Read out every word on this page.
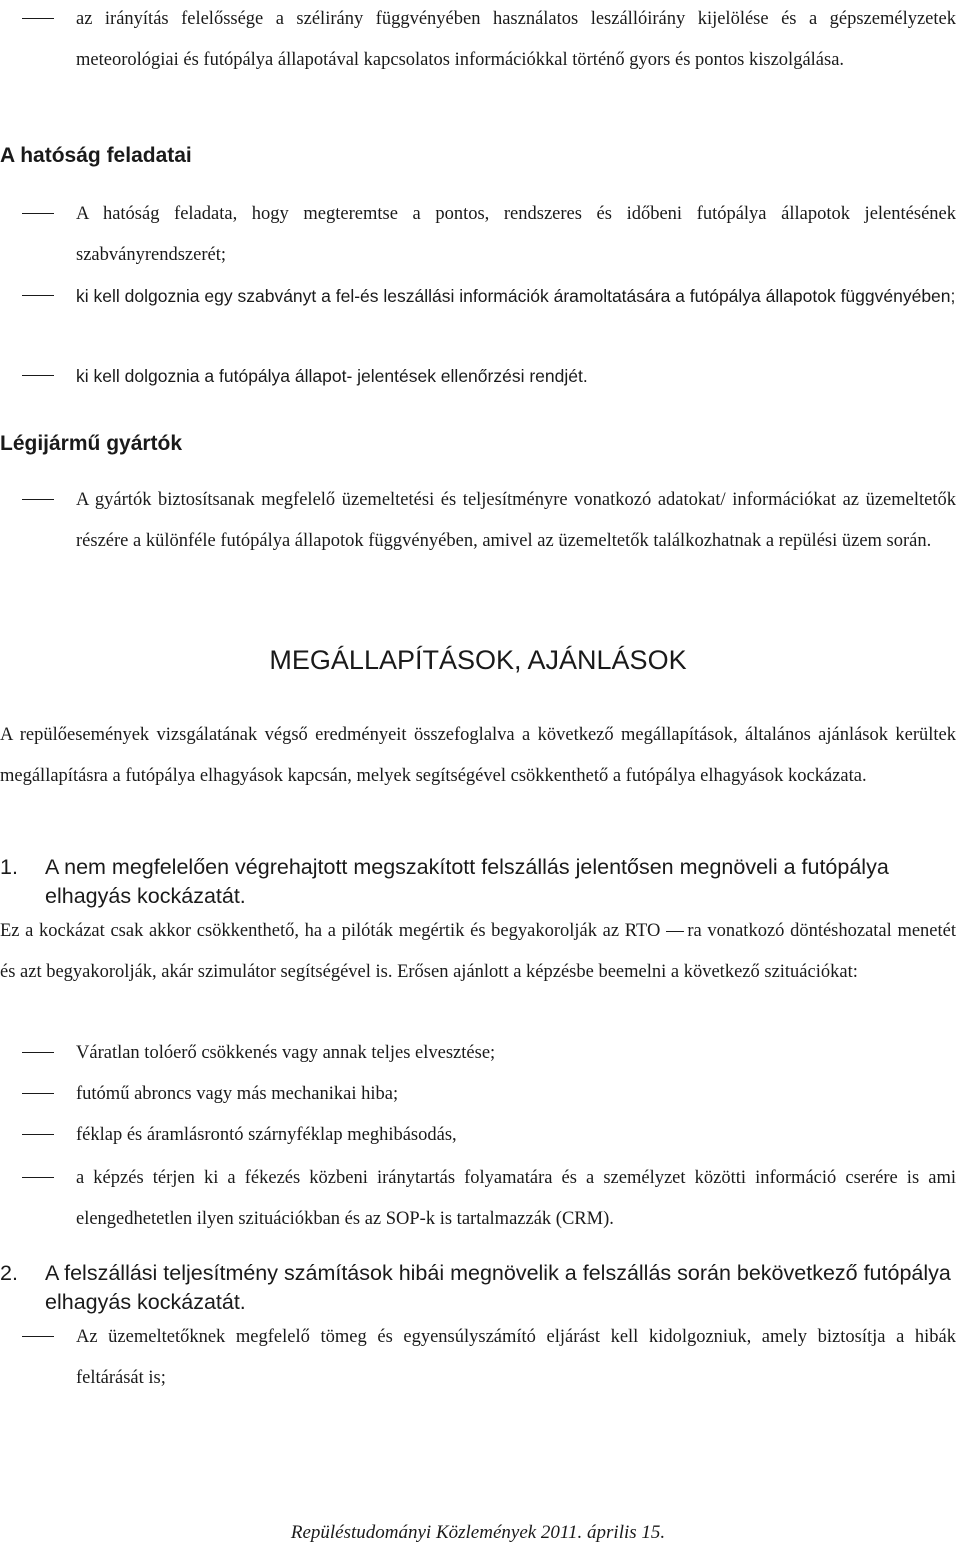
az irányítás felelőssége a szélirány függvényében használatos leszállóirány kijelölése és a gépszemélyzetek meteorológiai és futópálya állapotával kapcsolatos információkkal történő gyors és pontos kiszolgálása.
A hatóság feladatai
A hatóság feladata, hogy megteremtse a pontos, rendszeres és időbeni futópálya állapotok jelentésének szabványrendszerét;
ki kell dolgoznia egy szabványt a fel-és leszállási információk áramoltatására a futópálya állapotok függvényében;
ki kell dolgoznia a futópálya állapot- jelentések ellenőrzési rendjét.
Légijármű gyártók
A gyártók biztosítsanak megfelelő üzemeltetési és teljesítményre vonatkozó adatokat/ információkat az üzemeltetők részére a különféle futópálya állapotok függvényében, amivel az üzemeltetők találkozhatnak a repülési üzem során.
MEGÁLLAPÍTÁSOK, AJÁNLÁSOK
A repülőesemények vizsgálatának végső eredményeit összefoglalva a következő megállapítások, általános ajánlások kerültek megállapításra a futópálya elhagyások kapcsán, melyek segítségével csökkenthető a futópálya elhagyások kockázata.
1.	A nem megfelelően végrehajtott megszakított felszállás jelentősen megnöveli a futópálya elhagyás kockázatát.
Ez a kockázat csak akkor csökkenthető, ha a pilóták megértik és begyakorolják az RTO ra vonatkozó döntéshozatal menetét és azt begyakorolják, akár szimulátor segítségével is. Erősen ajánlott a képzésbe beemelni a következő szituációkat:
Váratlan tolóerő csökkenés vagy annak teljes elvesztése;
futómű abroncs vagy más mechanikai hiba;
féklap és áramlásrontó szárnyféklap meghibásodás,
a képzés térjen ki a fékezés közbeni iránytartás folyamatára és a személyzet közötti információ cserére is ami elengedhetetlen ilyen szituációkban és az SOP-k is tartalmazzák (CRM).
2.	A felszállási teljesítmény számítások hibái megnövelik a felszállás során bekövetkező futópálya elhagyás kockázatát.
Az üzemeltetőknek megfelelő tömeg és egyensúlyszámító eljárást kell kidolgozniuk, amely biztosítja a hibák feltárását is;
Repüléstudományi Közlemények 2011. április 15.
